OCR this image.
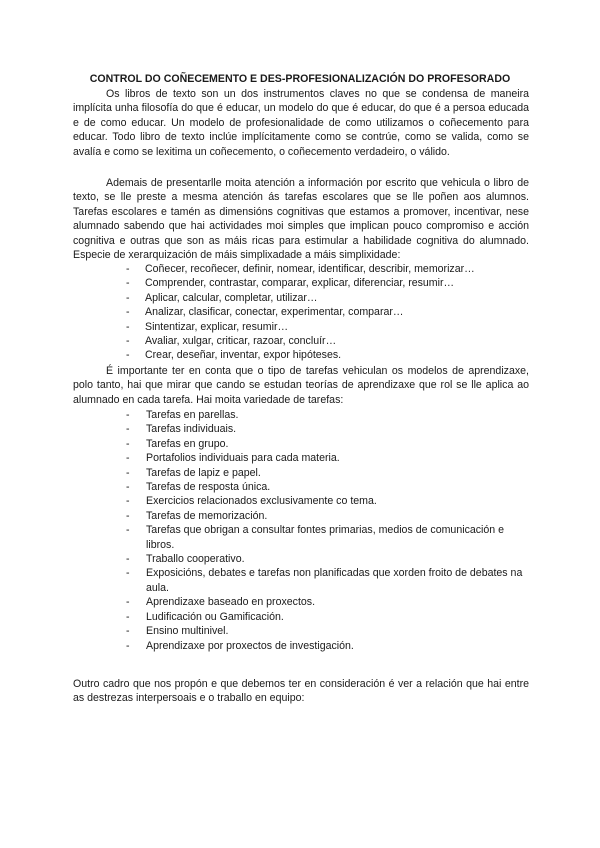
CONTROL DO COÑECEMENTO E DES-PROFESIONALIZACIÓN DO PROFESORADO

Os libros de texto son un dos instrumentos claves no que se condensa de maneira implícita unha filosofía do que é educar, un modelo do que é educar, do que é a persoa educada e de como educar. Un modelo de profesionalidade de como utilizamos o coñecemento para educar. Todo libro de texto inclúe implícitamente como se contrúe, como se valida, como se avalía e como se lexitima un coñecemento, o coñecemento verdadeiro, o válido.

Ademais de presentarlle moita atención a información por escrito que vehicula o libro de texto, se lle preste a mesma atención ás tarefas escolares que se lle poñen aos alumnos. Tarefas escolares e tamén as dimensións cognitivas que estamos a promover, incentivar, nese alumnado sabendo que hai actividades moi simples que implican pouco compromiso e acción cognitiva e outras que son as máis ricas para estimular a habilidade cognitiva do alumnado. Especie de xerarquización de máis simplixadade a máis simplixidade:

- Coñecer, recoñecer, definir, nomear, identificar, describir, memorizar…
- Comprender, contrastar, comparar, explicar, diferenciar, resumir…
- Aplicar, calcular, completar, utilizar…
- Analizar, clasificar, conectar, experimentar, comparar…
- Sintentizar, explicar, resumir…
- Avaliar, xulgar, criticar, razoar, concluír…
- Crear, deseñar, inventar, expor hipóteses.

É importante ter en conta que o tipo de tarefas vehiculan os modelos de aprendizaxe, polo tanto, hai que mirar que cando se estudan teorías de aprendizaxe que rol se lle aplica ao alumnado en cada tarefa. Hai moita variedade de tarefas:

- Tarefas en parellas.
- Tarefas individuais.
- Tarefas en grupo.
- Portafolios individuais para cada materia.
- Tarefas de lapiz e papel.
- Tarefas de resposta única.
- Exercicios relacionados exclusivamente co tema.
- Tarefas de memorización.
- Tarefas que obrigan a consultar fontes primarias, medios de comunicación e libros.
- Traballo cooperativo.
- Exposicións, debates e tarefas non planificadas que xorden froito de debates na aula.
- Aprendizaxe baseado en proxectos.
- Ludificación ou Gamificación.
- Ensino multinivel.
- Aprendizaxe por proxectos de investigación.

Outro cadro que nos propón e que debemos ter en consideración é ver a relación que hai entre as destrezas interpersoais e o traballo en equipo:
